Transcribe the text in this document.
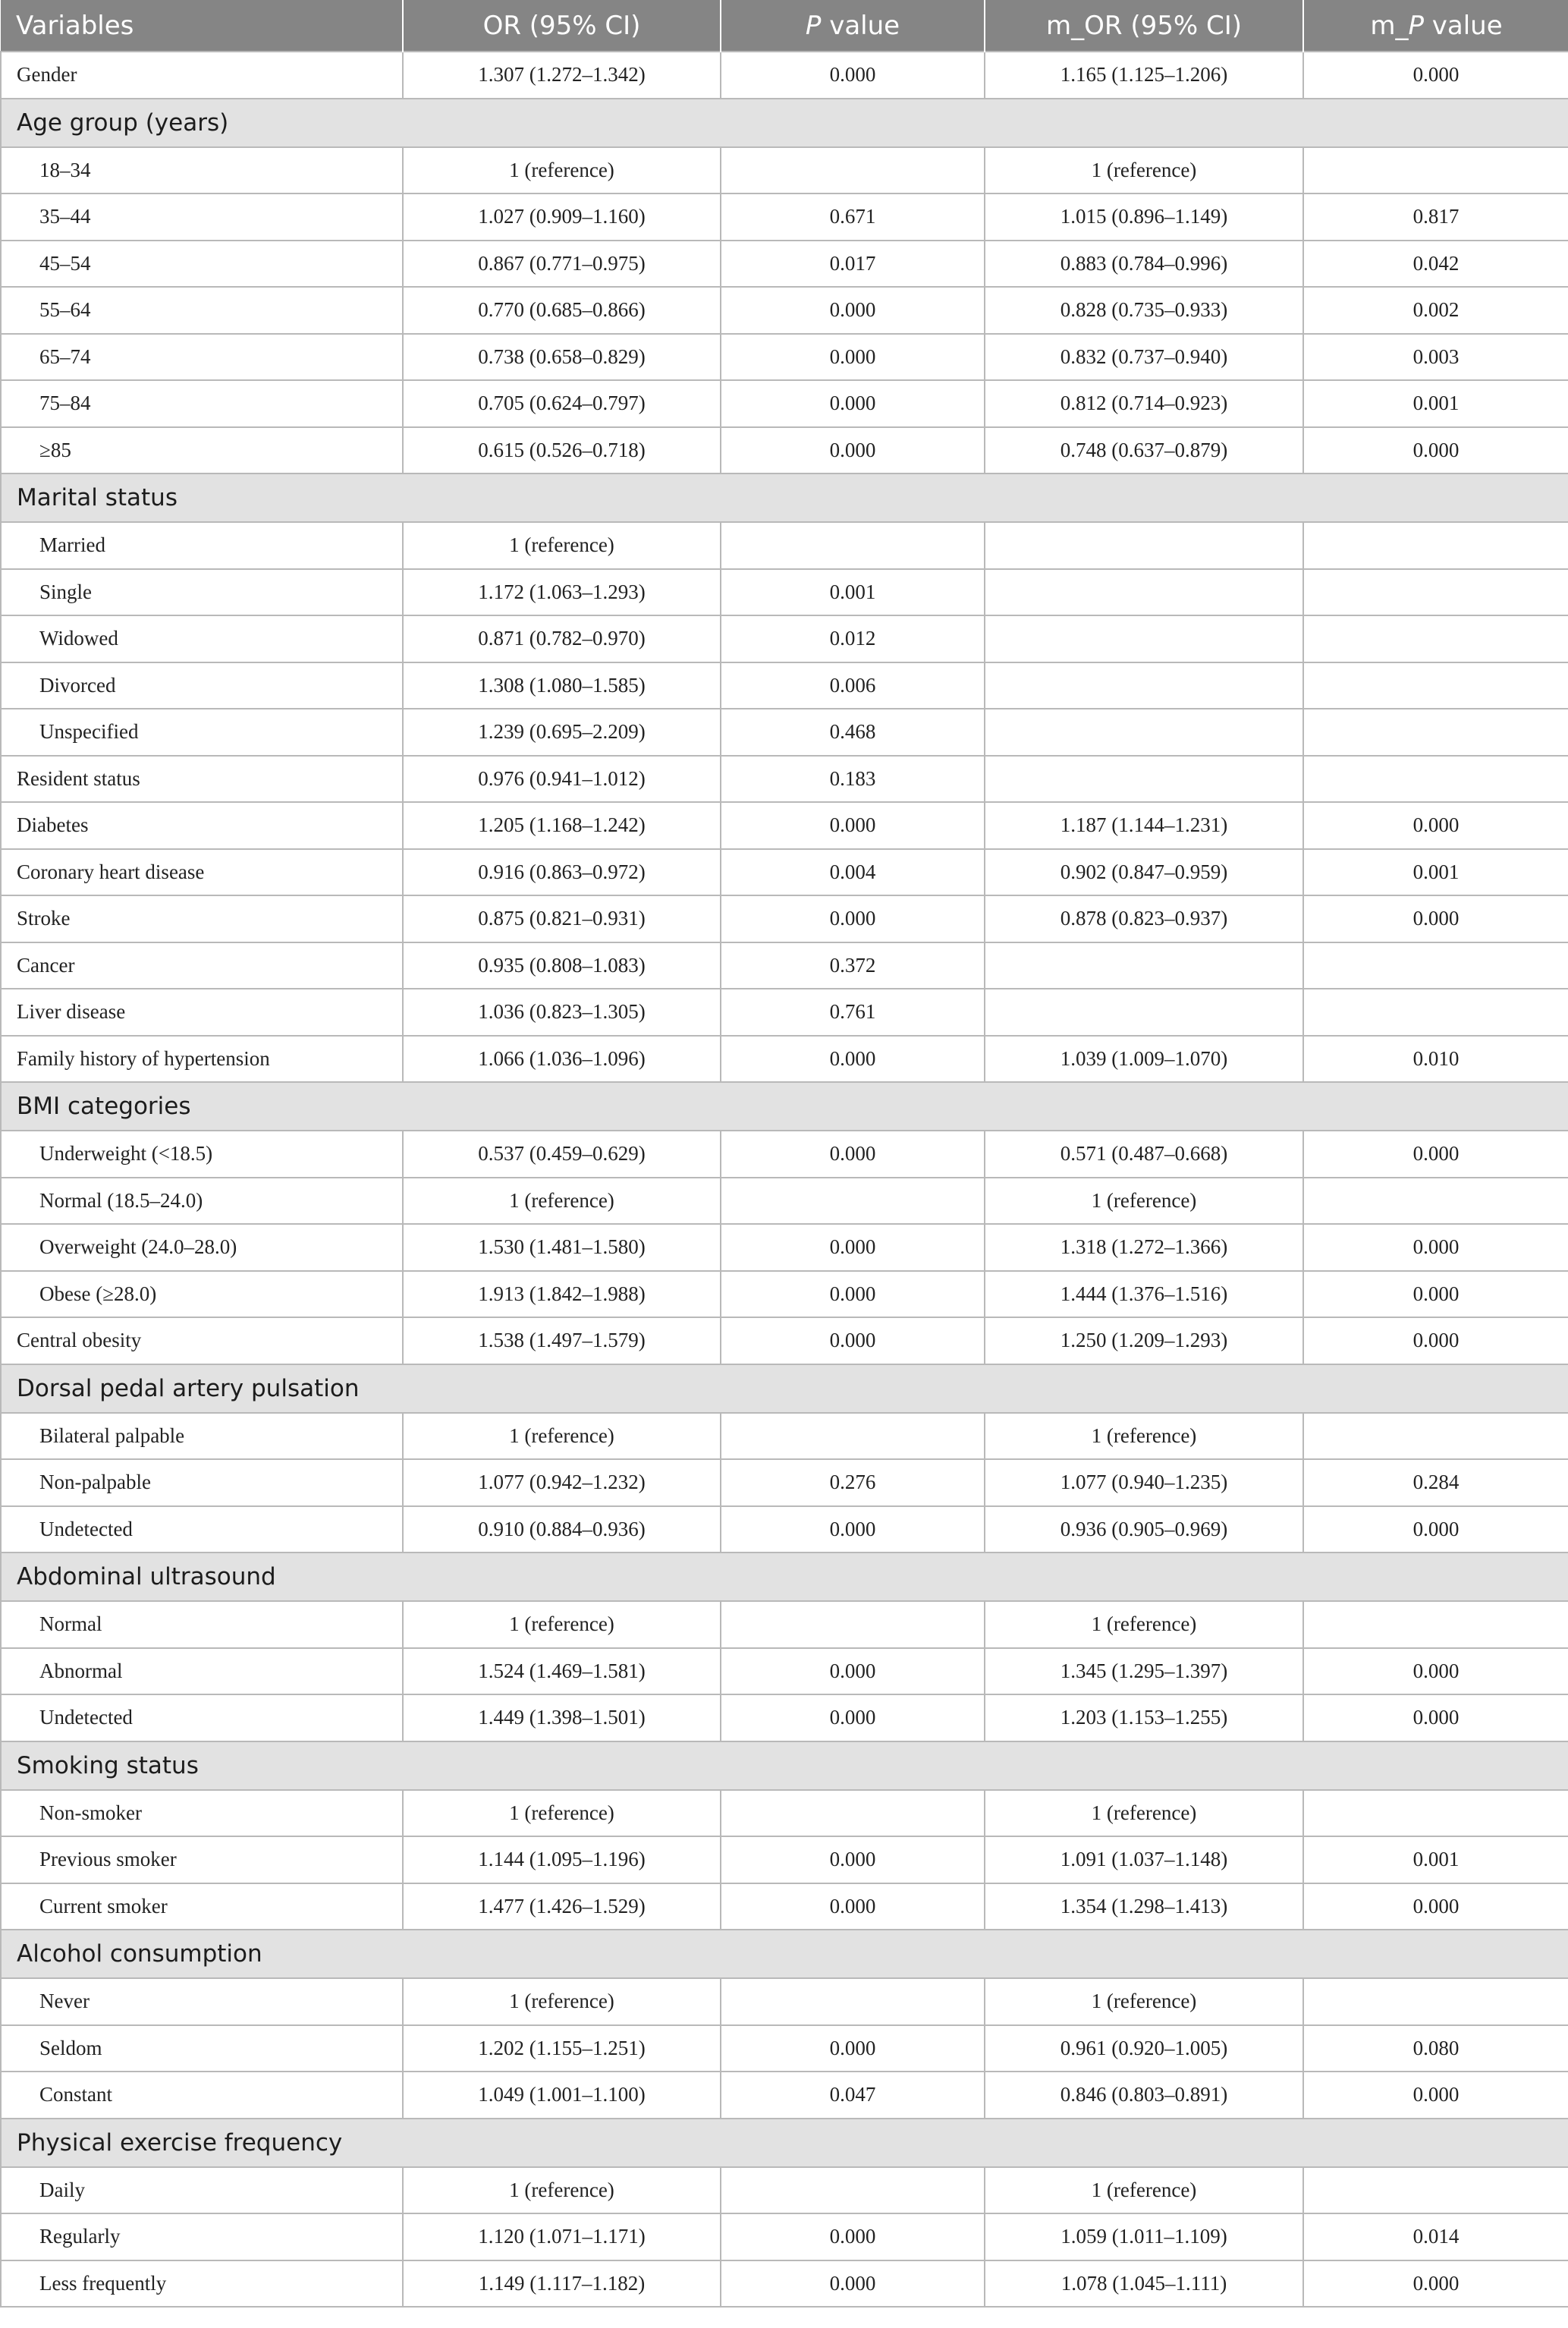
Variables	OR (95% CI)	P value	m_OR (95% CI)	m_P value
Gender	1.307 (1.272–1.342)	0.000	1.165 (1.125–1.206)	0.000
Age group (years)				
18–34	1 (reference)		1 (reference)	
35–44	1.027 (0.909–1.160)	0.671	1.015 (0.896–1.149)	0.817
45–54	0.867 (0.771–0.975)	0.017	0.883 (0.784–0.996)	0.042
55–64	0.770 (0.685–0.866)	0.000	0.828 (0.735–0.933)	0.002
65–74	0.738 (0.658–0.829)	0.000	0.832 (0.737–0.940)	0.003
75–84	0.705 (0.624–0.797)	0.000	0.812 (0.714–0.923)	0.001
≥85	0.615 (0.526–0.718)	0.000	0.748 (0.637–0.879)	0.000
Marital status				
Married	1 (reference)			
Single	1.172 (1.063–1.293)	0.001		
Widowed	0.871 (0.782–0.970)	0.012		
Divorced	1.308 (1.080–1.585)	0.006		
Unspecified	1.239 (0.695–2.209)	0.468		
Resident status	0.976 (0.941–1.012)	0.183		
Diabetes	1.205 (1.168–1.242)	0.000	1.187 (1.144–1.231)	0.000
Coronary heart disease	0.916 (0.863–0.972)	0.004	0.902 (0.847–0.959)	0.001
Stroke	0.875 (0.821–0.931)	0.000	0.878 (0.823–0.937)	0.000
Cancer	0.935 (0.808–1.083)	0.372		
Liver disease	1.036 (0.823–1.305)	0.761		
Family history of hypertension	1.066 (1.036–1.096)	0.000	1.039 (1.009–1.070)	0.010
BMI categories				
Underweight (<18.5)	0.537 (0.459–0.629)	0.000	0.571 (0.487–0.668)	0.000
Normal (18.5–24.0)	1 (reference)		1 (reference)	
Overweight (24.0–28.0)	1.530 (1.481–1.580)	0.000	1.318 (1.272–1.366)	0.000
Obese (≥28.0)	1.913 (1.842–1.988)	0.000	1.444 (1.376–1.516)	0.000
Central obesity	1.538 (1.497–1.579)	0.000	1.250 (1.209–1.293)	0.000
Dorsal pedal artery pulsation				
Bilateral palpable	1 (reference)		1 (reference)	
Non-palpable	1.077 (0.942–1.232)	0.276	1.077 (0.940–1.235)	0.284
Undetected	0.910 (0.884–0.936)	0.000	0.936 (0.905–0.969)	0.000
Abdominal ultrasound				
Normal	1 (reference)		1 (reference)	
Abnormal	1.524 (1.469–1.581)	0.000	1.345 (1.295–1.397)	0.000
Undetected	1.449 (1.398–1.501)	0.000	1.203 (1.153–1.255)	0.000
Smoking status				
Non-smoker	1 (reference)		1 (reference)	
Previous smoker	1.144 (1.095–1.196)	0.000	1.091 (1.037–1.148)	0.001
Current smoker	1.477 (1.426–1.529)	0.000	1.354 (1.298–1.413)	0.000
Alcohol consumption				
Never	1 (reference)		1 (reference)	
Seldom	1.202 (1.155–1.251)	0.000	0.961 (0.920–1.005)	0.080
Constant	1.049 (1.001–1.100)	0.047	0.846 (0.803–0.891)	0.000
Physical exercise frequency				
Daily	1 (reference)		1 (reference)	
Regularly	1.120 (1.071–1.171)	0.000	1.059 (1.011–1.109)	0.014
Less frequently	1.149 (1.117–1.182)	0.000	1.078 (1.045–1.111)	0.000
